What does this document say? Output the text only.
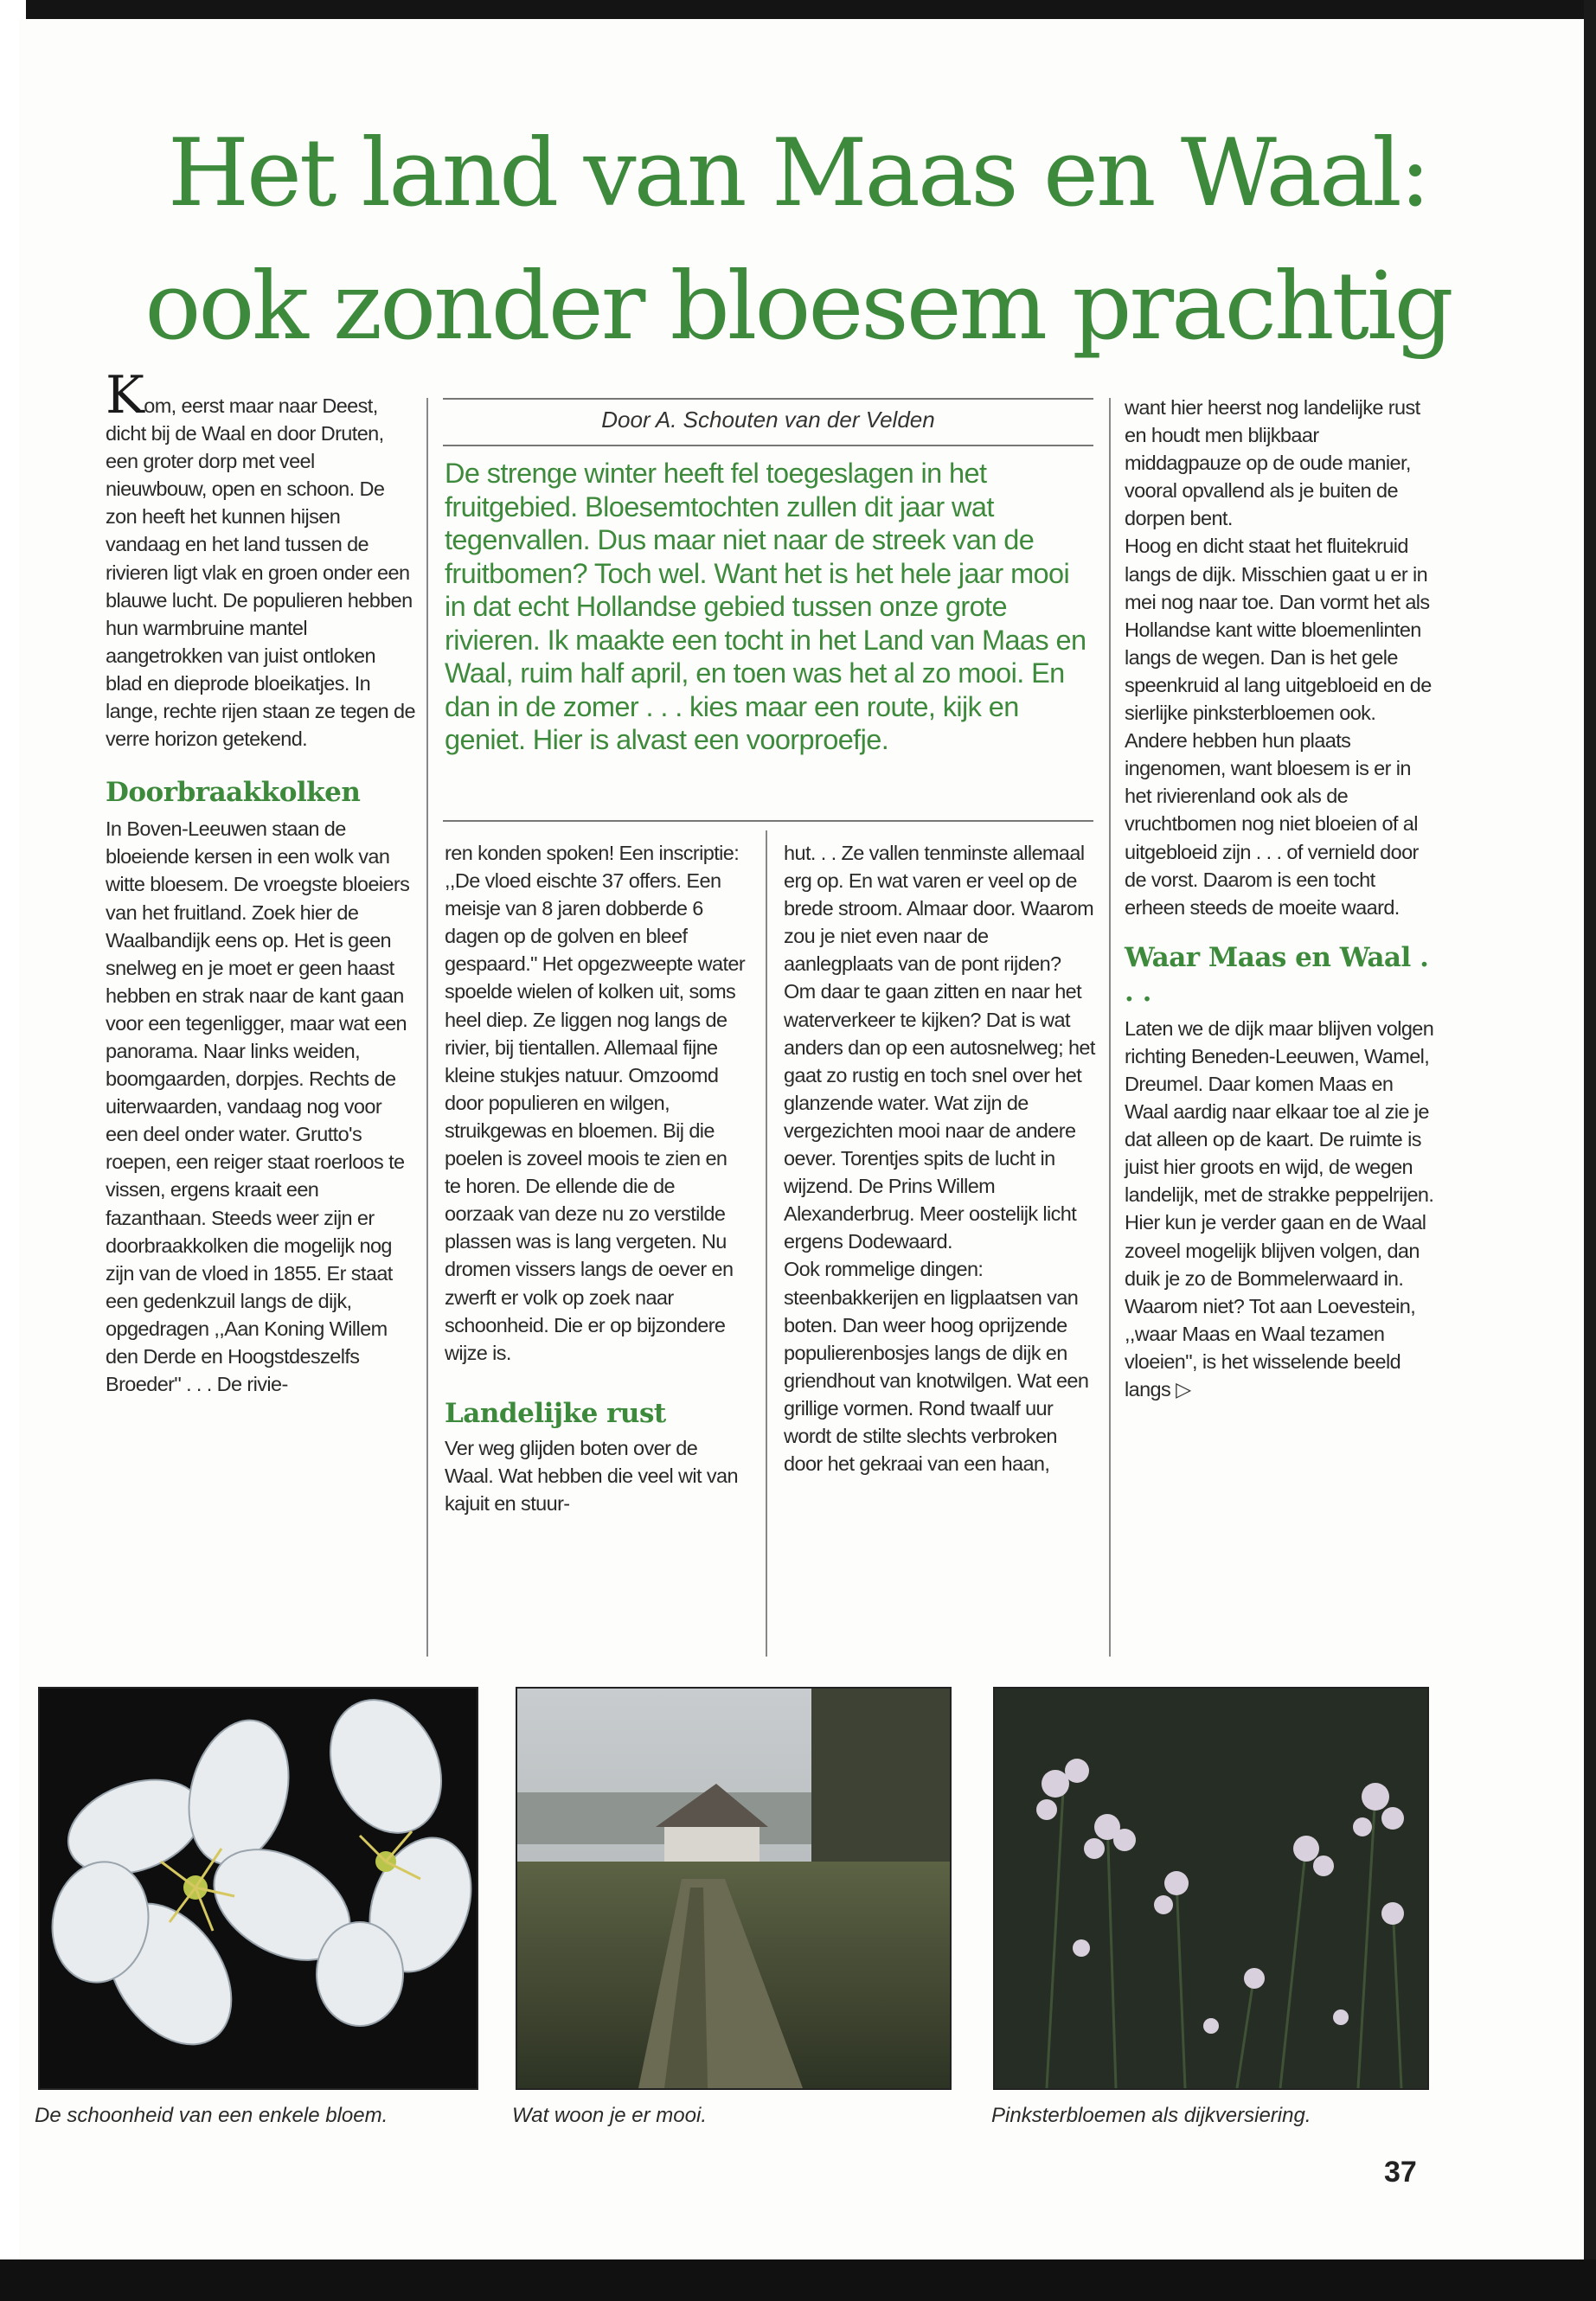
Het land van Maas en Waal:
ook zonder bloesem prachtig

Kom, eerst maar naar Deest, dicht bij de Waal en door Druten, een groter dorp met veel nieuwbouw, open en schoon. De zon heeft het kunnen hijsen vandaag en het land tussen de rivieren ligt vlak en groen onder een blauwe lucht. De populieren hebben hun warmbruine mantel aangetrokken van juist ontloken blad en dieprode bloeikatjes. In lange, rechte rijen staan ze tegen de verre horizon getekend.

Doorbraakkolken

In Boven-Leeuwen staan de bloeiende kersen in een wolk van witte bloesem. De vroegste bloeiers van het fruitland. Zoek hier de Waalbandijk eens op. Het is geen snelweg en je moet er geen haast hebben en strak naar de kant gaan voor een tegenligger, maar wat een panorama. Naar links weiden, boomgaarden, dorpjes. Rechts de uiterwaarden, vandaag nog voor een deel onder water. Grutto's roepen, een reiger staat roerloos te vissen, ergens kraait een fazanthaan. Steeds weer zijn er doorbraakkolken die mogelijk nog zijn van de vloed in 1855. Er staat een gedenkzuil langs de dijk, opgedragen ,,Aan Koning Willem den Derde en Hoogstdeszelfs Broeder" . . . De rivie-

Door A. Schouten van der Velden
De strenge winter heeft fel toegeslagen in het fruitgebied. Bloesemtochten zullen dit jaar wat tegenvallen. Dus maar niet naar de streek van de fruitbomen? Toch wel. Want het is het hele jaar mooi in dat echt Hollandse gebied tussen onze grote rivieren. Ik maakte een tocht in het Land van Maas en Waal, ruim half april, en toen was het al zo mooi. En dan in de zomer . . . kies maar een route, kijk en geniet. Hier is alvast een voorproefje.

ren konden spoken! Een inscriptie: ,,De vloed eischte 37 offers. Een meisje van 8 jaren dobberde 6 dagen op de golven en bleef gespaard." Het opgezweepte water spoelde wielen of kolken uit, soms heel diep. Ze liggen nog langs de rivier, bij tientallen. Allemaal fijne kleine stukjes natuur. Omzoomd door populieren en wilgen, struikgewas en bloemen. Bij die poelen is zoveel moois te zien en te horen. De ellende die de oorzaak van deze nu zo verstilde plassen was is lang vergeten. Nu dromen vissers langs de oever en zwerft er volk op zoek naar schoonheid. Die er op bijzondere wijze is.

Landelijke rust

Ver weg glijden boten over de Waal. Wat hebben die veel wit van kajuit en stuur-

hut. . . Ze vallen tenminste allemaal erg op. En wat varen er veel op de brede stroom. Almaar door. Waarom zou je niet even naar de aanlegplaats van de pont rijden? Om daar te gaan zitten en naar het waterverkeer te kijken? Dat is wat anders dan op een autosnelweg; het gaat zo rustig en toch snel over het glanzende water. Wat zijn de vergezichten mooi naar de andere oever. Torentjes spits de lucht in wijzend. De Prins Willem Alexanderbrug. Meer oostelijk licht ergens Dodewaard.

Ook rommelige dingen: steenbakkerijen en ligplaatsen van boten. Dan weer hoog oprijzende populierenbosjes langs de dijk en griendhout van knotwilgen. Wat een grillige vormen. Rond twaalf uur wordt de stilte slechts verbroken door het gekraai van een haan,

want hier heerst nog landelijke rust en houdt men blijkbaar middagpauze op de oude manier, vooral opvallend als je buiten de dorpen bent.

Hoog en dicht staat het fluitekruid langs de dijk. Misschien gaat u er in mei nog naar toe. Dan vormt het als Hollandse kant witte bloemenlinten langs de wegen. Dan is het gele speenkruid al lang uitgebloeid en de sierlijke pinksterbloemen ook. Andere hebben hun plaats ingenomen, want bloesem is er in het rivierenland ook als de vruchtbomen nog niet bloeien of al uitgebloeid zijn . . . of vernield door de vorst. Daarom is een tocht erheen steeds de moeite waard.

Waar Maas en Waal . . .

Laten we de dijk maar blijven volgen richting Beneden-Leeuwen, Wamel, Dreumel. Daar komen Maas en Waal aardig naar elkaar toe al zie je dat alleen op de kaart. De ruimte is juist hier groots en wijd, de wegen landelijk, met de strakke peppelrijen. Hier kun je verder gaan en de Waal zoveel mogelijk blijven volgen, dan duik je zo de Bommelerwaard in. Waarom niet? Tot aan Loevestein, ,,waar Maas en Waal tezamen vloeien", is het wisselende beeld langs ▷

De schoonheid van een enkele bloem.	Wat woon je er mooi.	Pinksterbloemen als dijkversiering.
37
